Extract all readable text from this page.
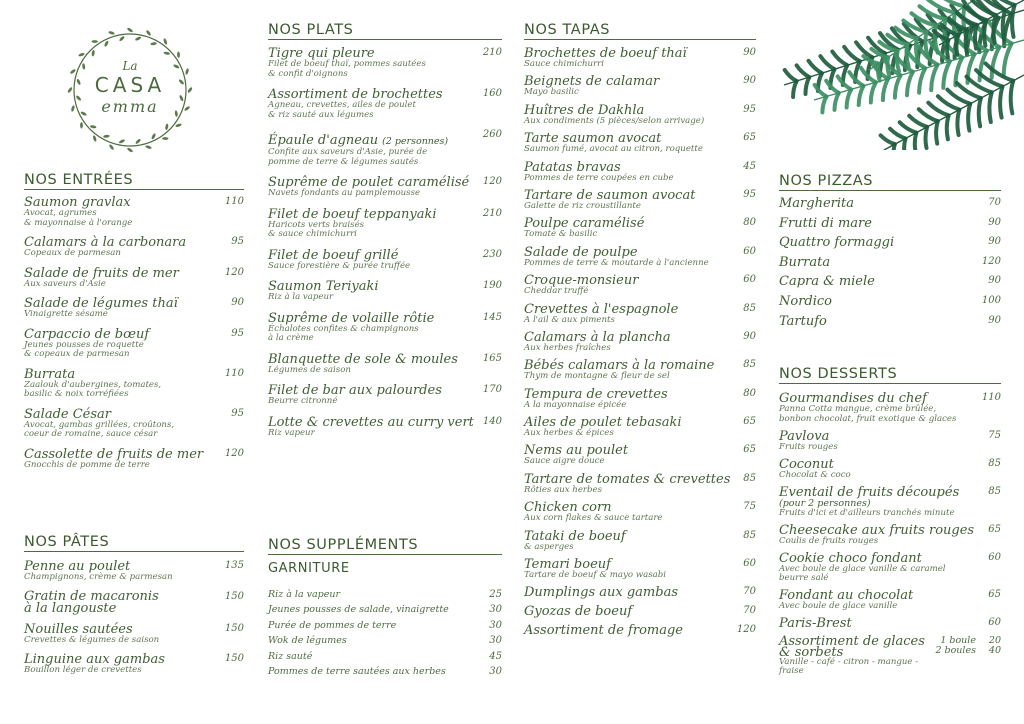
La
CASA
emma
NOS ENTRÉES
Saumon gravlax
Avocat, agrumes
& mayonnaise à l'orange
110
Calamars à la carbonara
Copeaux de parmesan
95
Salade de fruits de mer
Aux saveurs d'Asie
120
Salade de légumes thaï
Vinaigrette sésame
90
Carpaccio de bœuf
Jeunes pousses de roquette
& copeaux de parmesan
95
Burrata
Zaalouk d'aubergines, tomates,
basilic & noix torréfiées
110
Salade César
Avocat, gambas grillées, croûtons,
coeur de romaine, sauce césar
95
Cassolette de fruits de mer
Gnocchis de pomme de terre
120
NOS PÂTES
Penne au poulet
Champignons, crème & parmesan
135
Gratin de macaronis
à la langouste
150
Nouilles sautées
Crevettes & légumes de saison
150
Linguine aux gambas
Bouillon léger de crevettes
150
NOS PLATS
Tigre qui pleure
Filet de boeuf thaï, pommes sautées
& confit d'oignons
210
Assortiment de brochettes
Agneau, crevettes, ailes de poulet
& riz sauté aux légumes
160
Épaule d'agneau (2 personnes)
Confite aux saveurs d'Asie, purée de
pomme de terre & légumes sautés
260
Suprême de poulet caramélisé
Navets fondants au pamplemousse
120
Filet de boeuf teppanyaki
Haricots verts braisés
& sauce chimichurri
210
Filet de boeuf grillé
Sauce forestière & purée truffée
230
Saumon Teriyaki
Riz à la vapeur
190
Suprême de volaille rôtie
Échalotes confites & champignons
à la crème
145
Blanquette de sole & moules
Légumes de saison
165
Filet de bar aux palourdes
Beurre citronné
170
Lotte & crevettes au curry vert
Riz vapeur
140
NOS SUPPLÉMENTS
GARNITURE
Riz à la vapeur	25
Jeunes pousses de salade, vinaigrette	30
Purée de pommes de terre	30
Wok de légumes	30
Riz sauté	45
Pommes de terre sautées aux herbes	30
NOS TAPAS
Brochettes de boeuf thaï
Sauce chimichurri
90
Beignets de calamar
Mayo basilic
90
Huîtres de Dakhla
Aux condiments (5 pièces/selon arrivage)
95
Tarte saumon avocat
Saumon fumé, avocat au citron, roquette
65
Patatas bravas
Pommes de terre coupées en cube
45
Tartare de saumon avocat
Galette de riz croustillante
95
Poulpe caramélisé
Tomate & basilic
80
Salade de poulpe
Pommes de terre & moutarde à l'ancienne
60
Croque-monsieur
Cheddar truffé
60
Crevettes à l'espagnole
A l'ail & aux piments
85
Calamars à la plancha
Aux herbes fraîches
90
Bébés calamars à la romaine
Thym de montagne & fleur de sel
85
Tempura de crevettes
A la mayonnaise épicée
80
Ailes de poulet tebasaki
Aux herbes & épices
65
Nems au poulet
Sauce aigre douce
65
Tartare de tomates & crevettes
Rôties aux herbes
85
Chicken corn
Aux corn flakes & sauce tartare
75
Tataki de boeuf
& asperges
85
Temari boeuf
Tartare de boeuf & mayo wasabi
60
Dumplings aux gambas	70
Gyozas de boeuf	70
Assortiment de fromage	120
NOS PIZZAS
Margherita	70
Frutti di mare	90
Quattro formaggi	90
Burrata	120
Capra & miele	90
Nordico	100
Tartufo	90
NOS DESSERTS
Gourmandises du chef
Panna Cotta mangue, crème brûlée,
bonbon chocolat, fruit exotique & glaces
110
Pavlova
Fruits rouges
75
Coconut
Chocolat & coco
85
Eventail de fruits découpés
(pour 2 personnes)
Fruits d'ici et d'ailleurs tranchés minute
85
Cheesecake aux fruits rouges
Coulis de fruits rouges
65
Cookie choco fondant
Avec boule de glace vanille & caramel
beurre salé
60
Fondant au chocolat
Avec boule de glace vanille
65
Paris-Brest	60
Assortiment de glaces
& sorbets
Vanille - café - citron - mangue - fraise
1 boule 20
2 boules 40
